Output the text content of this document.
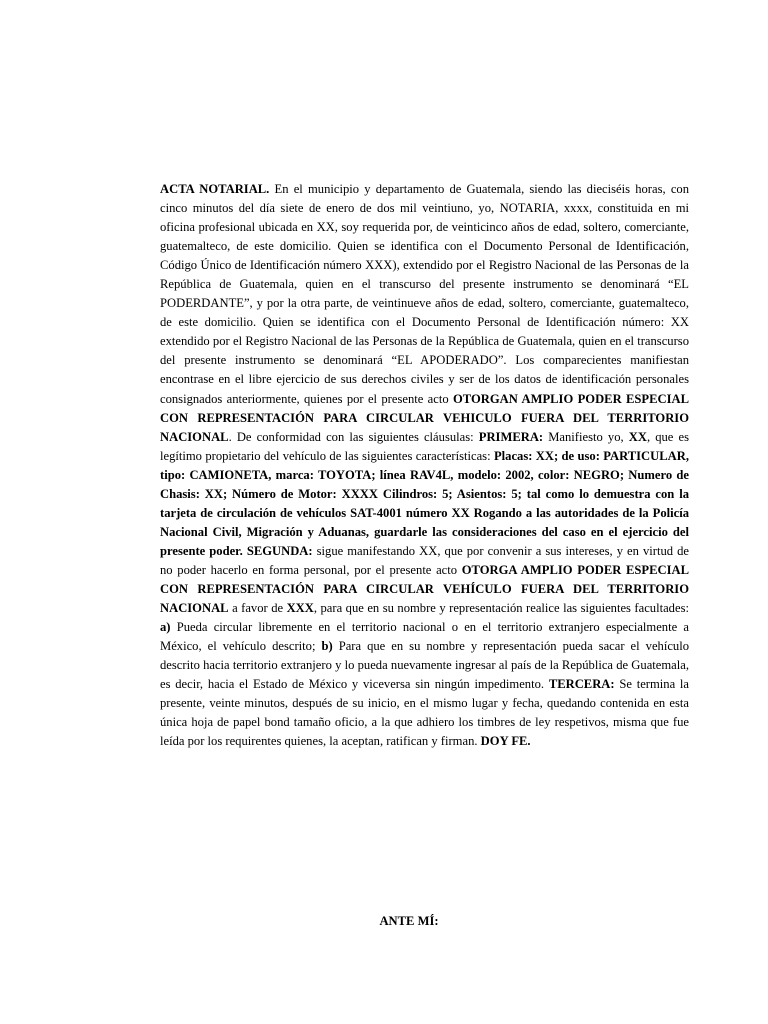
ACTA NOTARIAL. En el municipio y departamento de Guatemala, siendo las dieciséis horas, con cinco minutos del día siete de enero de dos mil veintiuno, yo, NOTARIA, xxxx, constituida en mi oficina profesional ubicada en XX, soy requerida por, de veinticinco años de edad, soltero, comerciante, guatemalteco, de este domicilio. Quien se identifica con el Documento Personal de Identificación, Código Único de Identificación número XXX), extendido por el Registro Nacional de las Personas de la República de Guatemala, quien en el transcurso del presente instrumento se denominará “EL PODERDANTE”, y por la otra parte, de veintinueve años de edad, soltero, comerciante, guatemalteco, de este domicilio. Quien se identifica con el Documento Personal de Identificación número: XX extendido por el Registro Nacional de las Personas de la República de Guatemala, quien en el transcurso del presente instrumento se denominará “EL APODERADO”. Los comparecientes manifiestan encontrase en el libre ejercicio de sus derechos civiles y ser de los datos de identificación personales consignados anteriormente, quienes por el presente acto OTORGAN AMPLIO PODER ESPECIAL CON REPRESENTACIÓN PARA CIRCULAR VEHICULO FUERA DEL TERRITORIO NACIONAL. De conformidad con las siguientes cláusulas: PRIMERA: Manifiesto yo, XX, que es legítimo propietario del vehículo de las siguientes características: Placas: XX; de uso: PARTICULAR, tipo: CAMIONETA, marca: TOYOTA; línea RAV4L, modelo: 2002, color: NEGRO; Numero de Chasis: XX; Número de Motor: XXXX Cilindros: 5; Asientos: 5; tal como lo demuestra con la tarjeta de circulación de vehículos SAT-4001 número XX Rogando a las autoridades de la Policía Nacional Civil, Migración y Aduanas, guardarle las consideraciones del caso en el ejercicio del presente poder. SEGUNDA: sigue manifestando XX, que por convenir a sus intereses, y en virtud de no poder hacerlo en forma personal, por el presente acto OTORGA AMPLIO PODER ESPECIAL CON REPRESENTACIÓN PARA CIRCULAR VEHÍCULO FUERA DEL TERRITORIO NACIONAL a favor de XXX, para que en su nombre y representación realice las siguientes facultades: a) Pueda circular libremente en el territorio nacional o en el territorio extranjero especialmente a México, el vehículo descrito; b) Para que en su nombre y representación pueda sacar el vehículo descrito hacia territorio extranjero y lo pueda nuevamente ingresar al país de la República de Guatemala, es decir, hacia el Estado de México y viceversa sin ningún impedimento. TERCERA: Se termina la presente, veinte minutos, después de su inicio, en el mismo lugar y fecha, quedando contenida en esta única hoja de papel bond tamaño oficio, a la que adhiero los timbres de ley respetivos, misma que fue leída por los requirentes quienes, la aceptan, ratifican y firman. DOY FE.

ANTE MÍ:
